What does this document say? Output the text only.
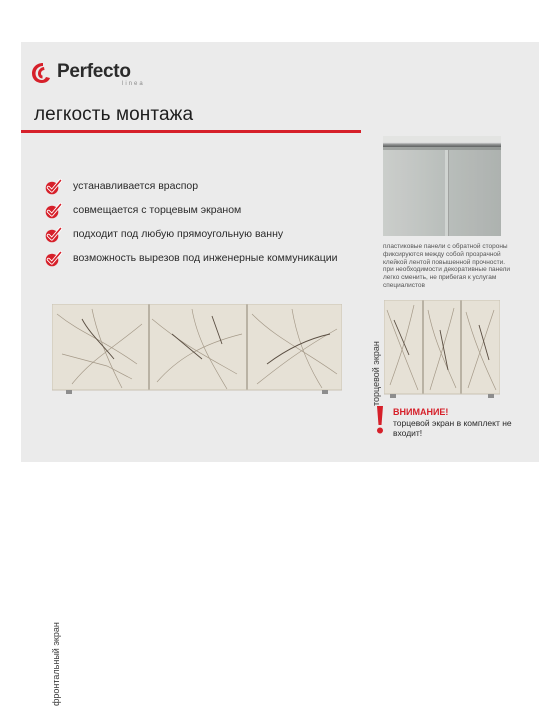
Perfecto
linea
легкость монтажа
устанавливается враспор
совмещается с торцевым экраном
подходит под любую прямоугольную ванну
возможность вырезов под инженерные коммуникации
пластиковые панели с обратной стороны фиксируются между собой прозрачной клейкой лентой повышенной прочности.
при необходимости декоративные панели легко сменить, не прибегая к услугам специалистов
фронтальный экран
торцевой экран
ВНИМАНИЕ!
торцевой экран в комплект не входит!
